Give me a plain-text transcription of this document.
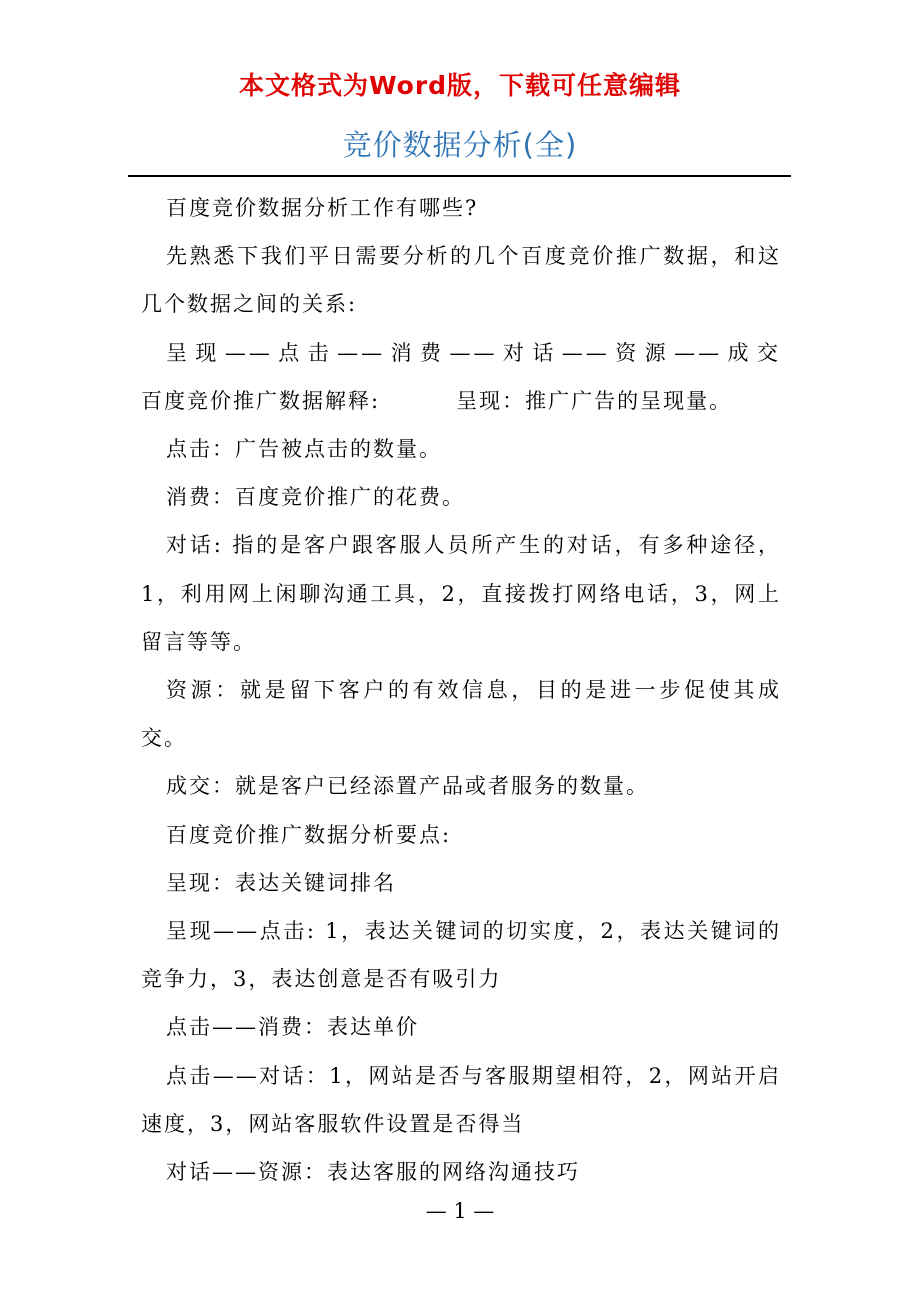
本文格式为Word版，下载可任意编辑
竞价数据分析(全)

百度竞价数据分析工作有哪些?

先熟悉下我们平日需要分析的几个百度竞价推广数据，和这几个数据之间的关系:

呈现——点击——消费——对话——资源——成交

百度竞价推广数据解释:	呈现：推广广告的呈现量。

点击：广告被点击的数量。

消费：百度竞价推广的花费。

对话: 指的是客户跟客服人员所产生的对话，有多种途径，1，利用网上闲聊沟通工具，2，直接拨打网络电话，3，网上留言等等。

资源：就是留下客户的有效信息，目的是进一步促使其成交。

成交：就是客户已经添置产品或者服务的数量。

百度竞价推广数据分析要点:

呈现：表达关键词排名

呈现——点击: 1，表达关键词的切实度，2，表达关键词的竞争力，3，表达创意是否有吸引力

点击——消费：表达单价

点击——对话：1，网站是否与客服期望相符，2，网站开启速度，3，网站客服软件设置是否得当

对话——资源：表达客服的网络沟通技巧

— 1 —
